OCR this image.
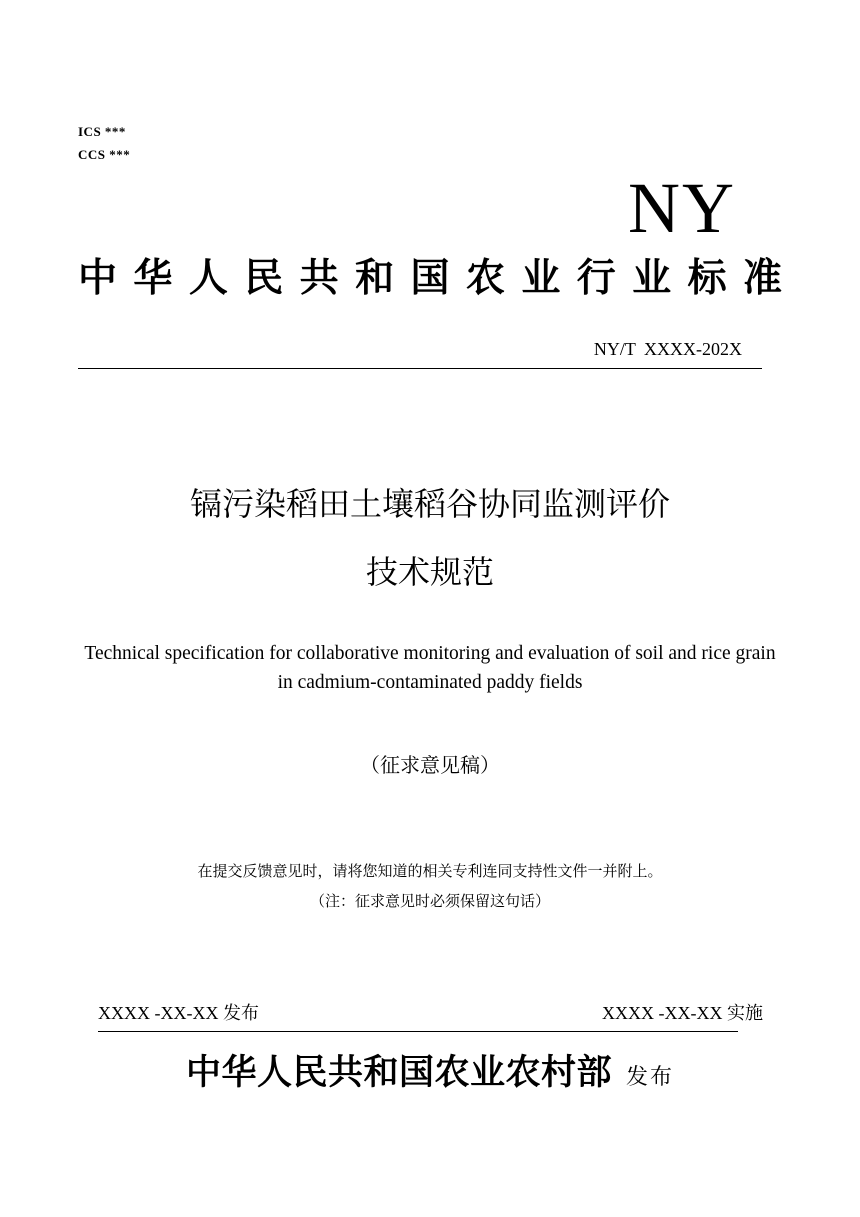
ICS ***
CCS ***
NY
中华人民共和国农业行业标准
NY/T XXXX-202X
镉污染稻田土壤稻谷协同监测评价
技术规范
Technical specification for collaborative monitoring and evaluation of soil and rice grain in cadmium-contaminated paddy fields
（征求意见稿）
在提交反馈意见时，请将您知道的相关专利连同支持性文件一并附上。
（注：征求意见时必须保留这句话）
XXXX -XX-XX 发布	XXXX -XX-XX 实施
中华人民共和国农业农村部 发布
